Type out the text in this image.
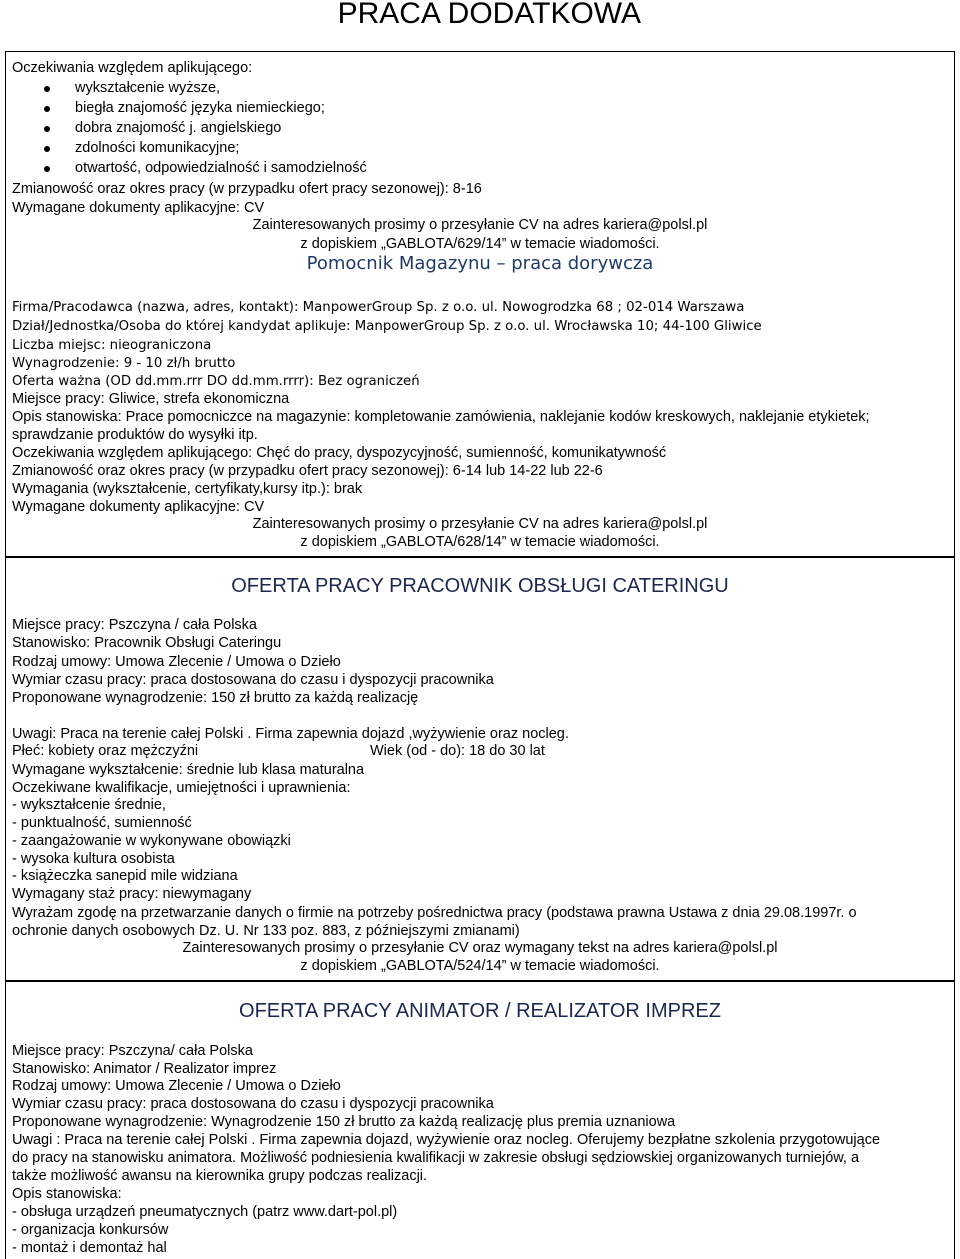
PRACA DODATKOWA
Oczekiwania względem aplikującego:
wykształcenie wyższe,
biegła znajomość języka niemieckiego;
dobra znajomość j. angielskiego
zdolności komunikacyjne;
otwartość, odpowiedzialność i samodzielność
Zmianowość oraz okres pracy (w przypadku ofert pracy sezonowej): 8-16
Wymagane dokumenty aplikacyjne: CV
Zainteresowanych prosimy o przesyłanie CV na adres kariera@polsl.pl
z dopiskiem „GABLOTA/629/14” w temacie wiadomości.
Pomocnik Magazynu – praca dorywcza
Firma/Pracodawca (nazwa, adres, kontakt): ManpowerGroup Sp. z o.o. ul. Nowogrodzka 68 ; 02-014 Warszawa
Dział/Jednostka/Osoba do której kandydat aplikuje: ManpowerGroup Sp. z o.o. ul. Wrocławska 10; 44-100 Gliwice
Liczba miejsc: nieograniczona
Wynagrodzenie: 9 - 10 zł/h brutto
Oferta ważna (OD dd.mm.rrr DO dd.mm.rrrr): Bez ograniczeń
Miejsce pracy: Gliwice, strefa ekonomiczna
Opis stanowiska: Prace pomocniczce na magazynie: kompletowanie zamówienia, naklejanie kodów kreskowych, naklejanie etykietek;
sprawdzanie produktów do wysyłki itp.
Oczekiwania względem aplikującego: Chęć do pracy, dyspozycyjność, sumienność, komunikatywność
Zmianowość oraz okres pracy (w przypadku ofert pracy sezonowej): 6-14 lub 14-22 lub 22-6
Wymagania (wykształcenie, certyfikaty,kursy itp.): brak
Wymagane dokumenty aplikacyjne: CV
Zainteresowanych prosimy o przesyłanie CV na adres kariera@polsl.pl
z dopiskiem „GABLOTA/628/14” w temacie wiadomości.
OFERTA PRACY PRACOWNIK OBSŁUGI CATERINGU
Miejsce pracy: Pszczyna / cała Polska
Stanowisko: Pracownik Obsługi Cateringu
Rodzaj umowy: Umowa Zlecenie / Umowa o Dzieło
Wymiar czasu pracy: praca dostosowana do czasu i dyspozycji pracownika
Proponowane wynagrodzenie: 150 zł brutto za każdą realizację
Uwagi: Praca na terenie całej Polski . Firma zapewnia dojazd ,wyżywienie oraz nocleg.
Płeć: kobiety oraz mężczyźni	Wiek (od - do): 18 do 30 lat
Wymagane wykształcenie: średnie lub klasa maturalna
Oczekiwane kwalifikacje, umiejętności i uprawnienia:
- wykształcenie średnie,
- punktualność, sumienność
- zaangażowanie w wykonywane obowiązki
- wysoka kultura osobista
- książeczka sanepid mile widziana
Wymagany staż pracy: niewymagany
Wyrażam zgodę na przetwarzanie danych o firmie na potrzeby pośrednictwa pracy (podstawa prawna Ustawa z dnia 29.08.1997r. o
ochronie danych osobowych Dz. U. Nr 133 poz. 883, z późniejszymi zmianami)
Zainteresowanych prosimy o przesyłanie CV oraz wymagany tekst na adres kariera@polsl.pl
z dopiskiem „GABLOTA/524/14” w temacie wiadomości.
OFERTA PRACY ANIMATOR / REALIZATOR IMPREZ
Miejsce pracy: Pszczyna/ cała Polska
Stanowisko: Animator / Realizator imprez
Rodzaj umowy: Umowa Zlecenie / Umowa o Dzieło
Wymiar czasu pracy: praca dostosowana do czasu i dyspozycji pracownika
Proponowane wynagrodzenie: Wynagrodzenie 150 zł brutto za każdą realizację plus premia uznaniowa
Uwagi : Praca na terenie całej Polski . Firma zapewnia dojazd, wyżywienie oraz nocleg. Oferujemy bezpłatne szkolenia przygotowujące
do pracy na stanowisku animatora. Możliwość podniesienia kwalifikacji w zakresie obsługi sędziowskiej organizowanych turniejów, a
także możliwość awansu na kierownika grupy podczas realizacji.
Opis stanowiska:
- obsługa urządzeń pneumatycznych (patrz www.dart-pol.pl)
- organizacja konkursów
- montaż i demontaż hal
